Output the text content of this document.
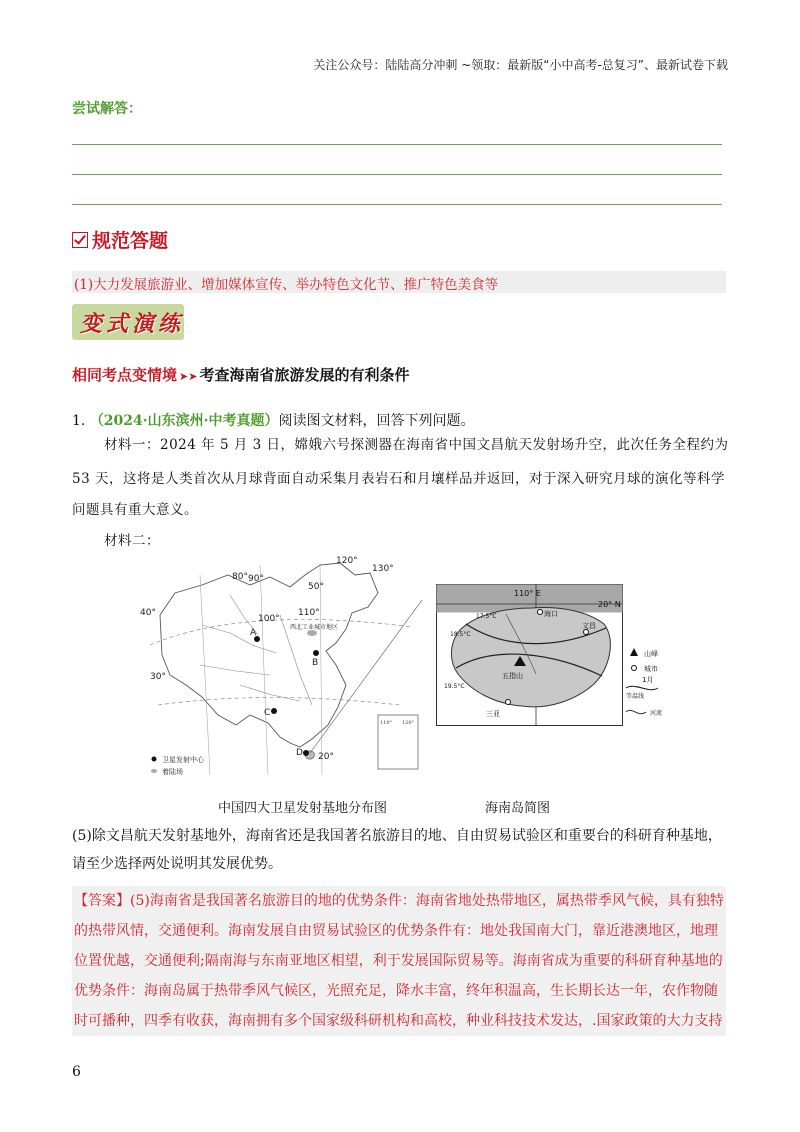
关注公众号：陆陆高分冲刺 ~领取：最新版“小中高考-总复习”、最新试卷下载
尝试解答：
规范答题
(1)大力发展旅游业、增加媒体宣传、举办特色文化节、推广特色美食等
变式演练
相同考点变情境 ➤➤ 考查海南省旅游发展的有利条件
1. （2024·山东滨州·中考真题）阅读图文材料，回答下列问题。
材料一：2024 年 5 月 3 日，嫦娥六号探测器在海南省中国文昌航天发射场升空，此次任务全程约为
53 天，这将是人类首次从月球背面自动采集月表岩石和月壤样品并返回，对于深入研究月球的演化等科学
问题具有重大意义。
材料二：
80° 90°
100°
110°
120°
130°
40°
50°
30°
20°
A
B
C
D
西北工业城市地区
卫星发射中心
着陆场
110° 120°
110° E
20° N
海口
文昌
五指山
三亚
17.5°C
18.5°C
19.5°C
山峰
城市
1月
等温线
河流
中国四大卫星发射基地分布图	海南岛简图
(5)除文昌航天发射基地外，海南省还是我国著名旅游目的地、自由贸易试验区和重要台的科研育种基地，请至少选择两处说明其发展优势。

【答案】(5)海南省是我国著名旅游目的地的优势条件：海南省地处热带地区，属热带季风气候，具有独特

的热带风情，交通便利。海南发展自由贸易试验区的优势条件有：地处我国南大门，靠近港澳地区，地理

位置优越，交通便利;隔南海与东南亚地区相望，利于发展国际贸易等。海南省成为重要的科研育种基地的

优势条件：海南岛属于热带季风气候区，光照充足，降水丰富，终年积温高，生长期长达一年，农作物随

时可播种，四季有收获，海南拥有多个国家级科研机构和高校，种业科技技术发达，.国家政策的大力支持

6
